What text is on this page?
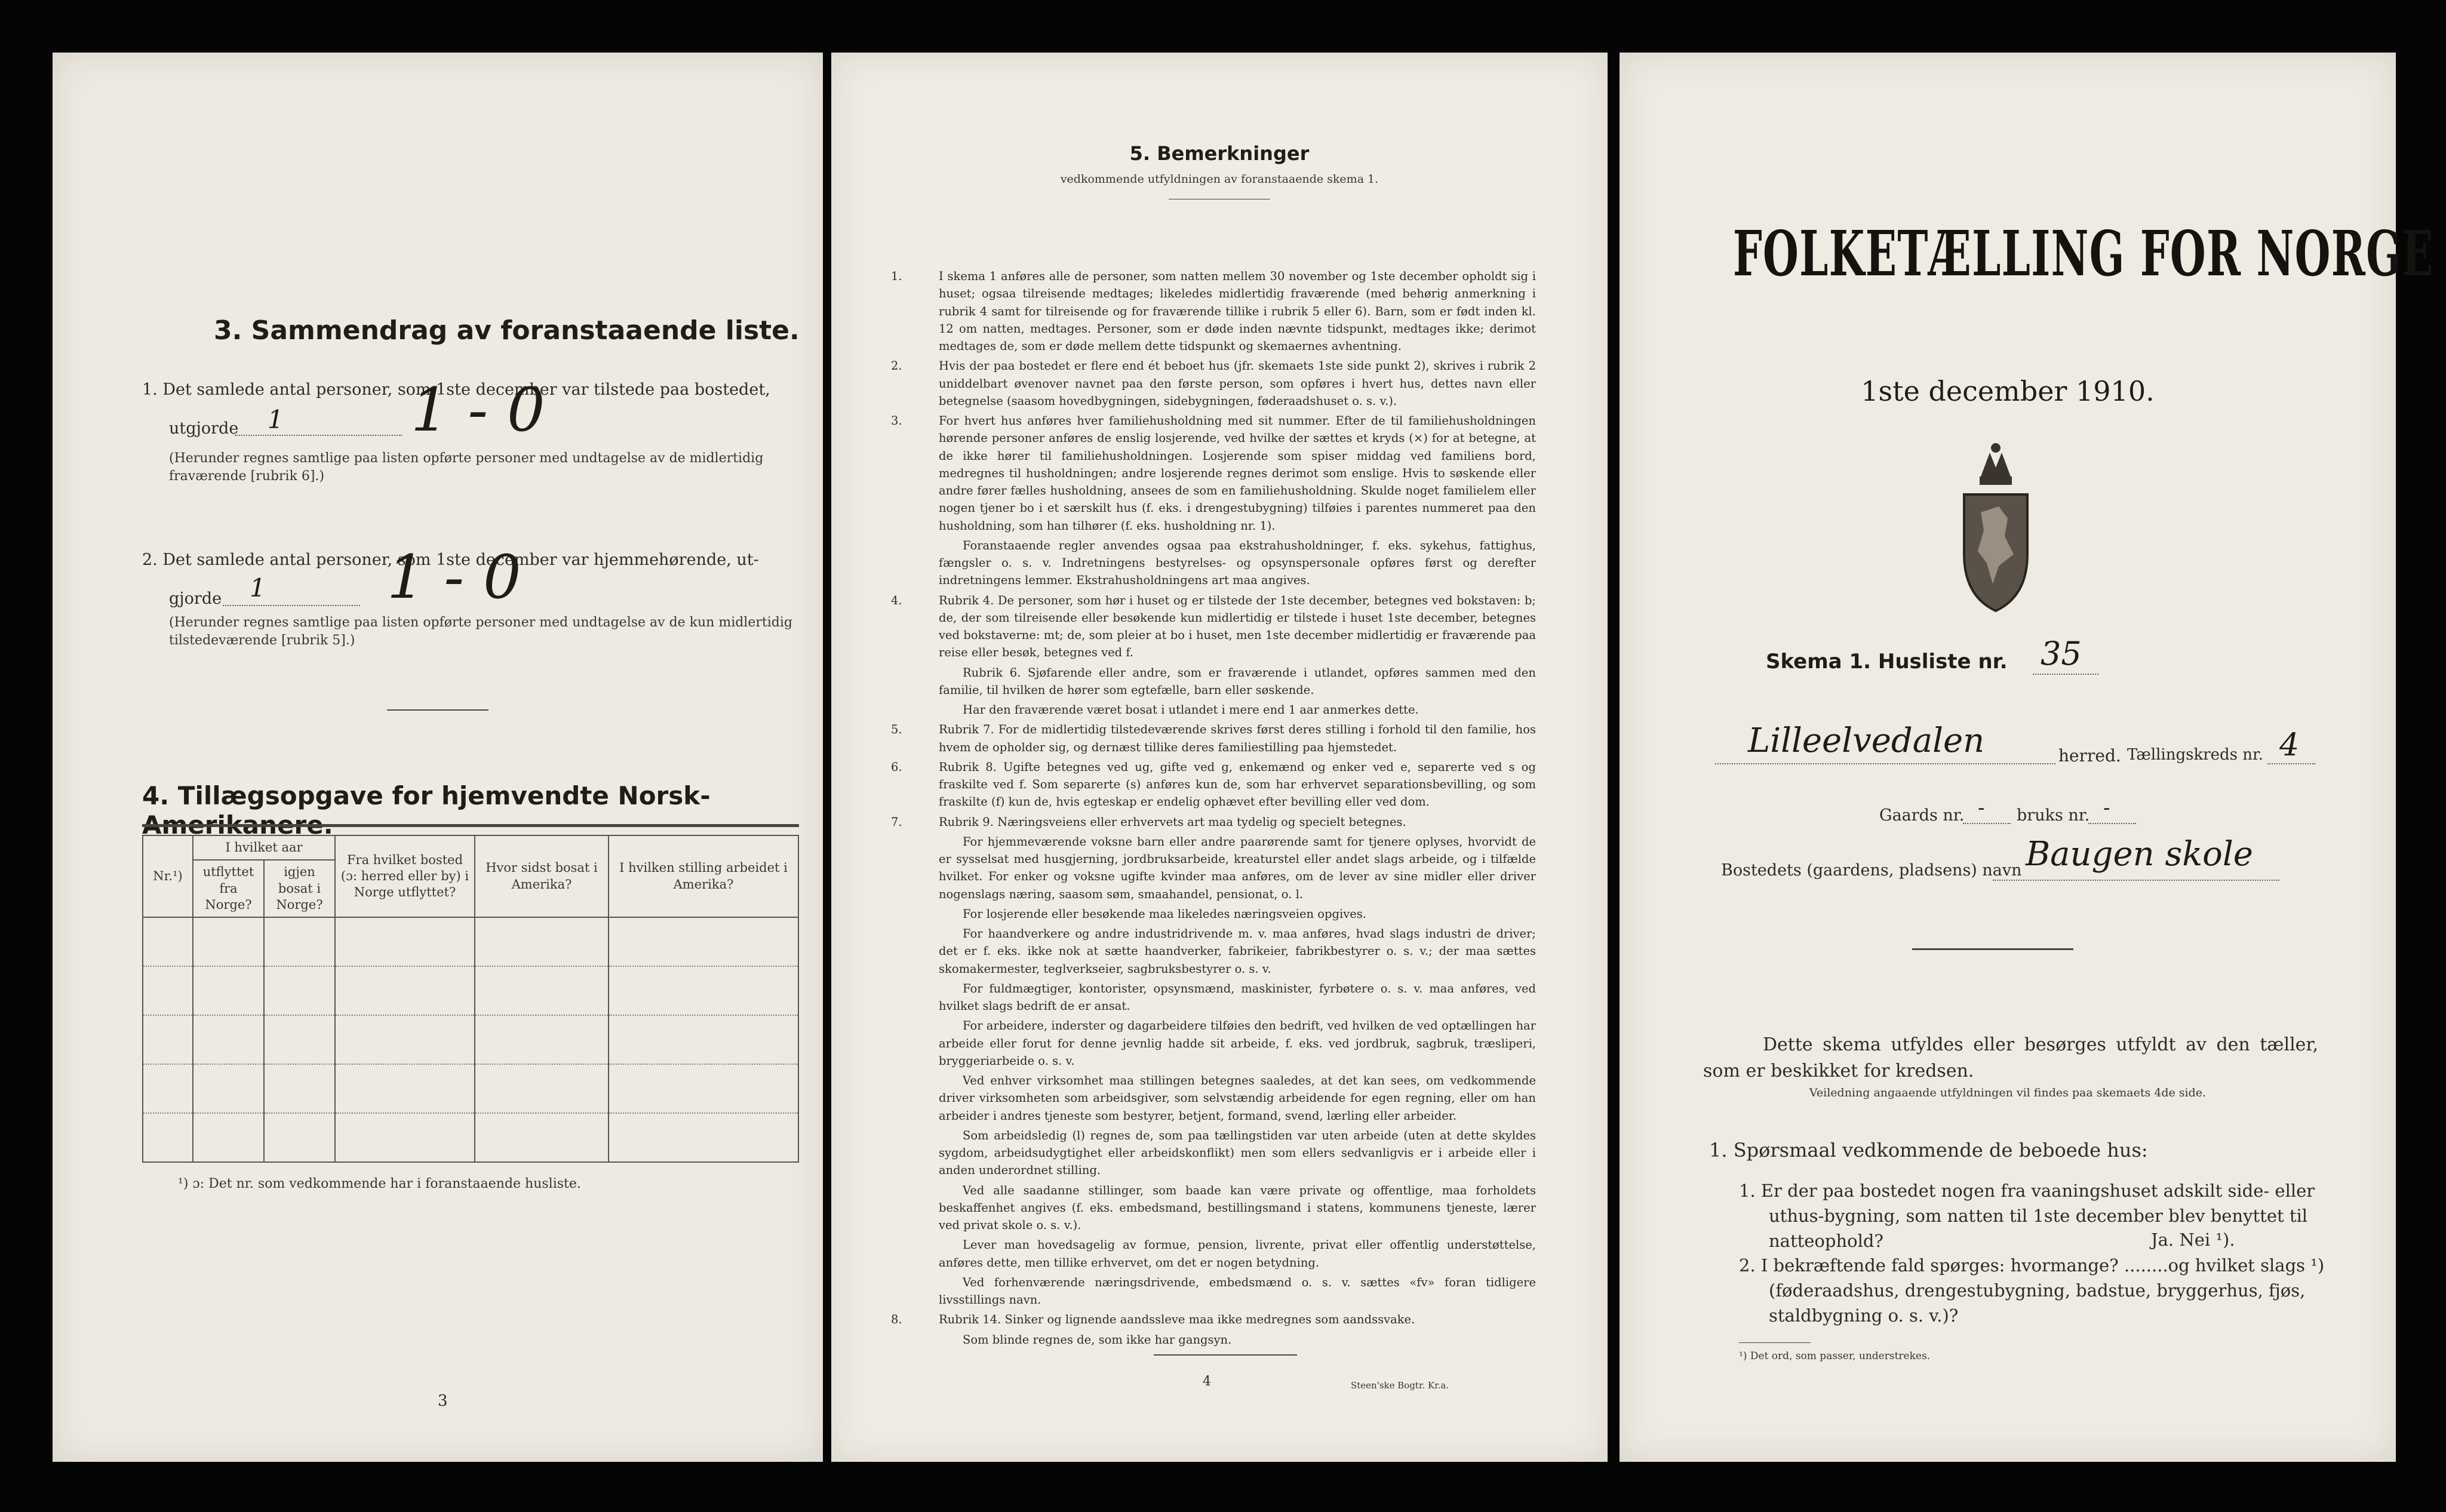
3. Sammendrag av foranstaaende liste.
1. Det samlede antal personer, som 1ste december var tilstede paa bostedet,
utgjorde 1 1 - 0
(Herunder regnes samtlige paa listen opførte personer med undtagelse av de midlertidig fraværende [rubrik 6].)
2. Det samlede antal personer, som 1ste december var hjemmehørende, ut-
gjorde 1 1 - 0
(Herunder regnes samtlige paa listen opførte personer med undtagelse av de kun midlertidig tilstedeværende [rubrik 5].)
4. Tillægsopgave for hjemvendte Norsk-Amerikanere.
Nr.¹)	I hvilket aar		Fra hvilket bosted (ɔ: herred eller by) i Norge utflyttet?	Hvor sidst bosat i Amerika?	I hvilken stilling arbeidet i Amerika?
	utflyttet fra Norge?	igjen bosat i Norge?			

¹) ɔ: Det nr. som vedkommende har i foranstaaende husliste.
3
5. Bemerkninger
vedkommende utfyldningen av foranstaaende skema 1.

1.	I skema 1 anføres alle de personer, som natten mellem 30 november og 1ste december opholdt sig i huset; ogsaa tilreisende medtages; likeledes midlertidig fraværende (med behørig anmerkning i rubrik 4 samt for tilreisende og for fraværende tillike i rubrik 5 eller 6). Barn, som er født inden kl. 12 om natten, medtages. Personer, som er døde inden nævnte tidspunkt, medtages ikke; derimot medtages de, som er døde mellem dette tidspunkt og skemaernes avhentning.

2.	Hvis der paa bostedet er flere end ét beboet hus (jfr. skemaets 1ste side punkt 2), skrives i rubrik 2 uniddelbart øvenover navnet paa den første person, som opføres i hvert hus, dettes navn eller betegnelse (saasom hovedbygningen, sidebygningen, føderaadshuset o. s. v.).

3.	For hvert hus anføres hver familiehusholdning med sit nummer. Efter de til familiehusholdningen hørende personer anføres de enslig losjerende, ved hvilke der sættes et kryds (×) for at betegne, at de ikke hører til familiehusholdningen. Losjerende som spiser middag ved familiens bord, medregnes til husholdningen; andre losjerende regnes derimot som enslige. Hvis to søskende eller andre fører fælles husholdning, ansees de som en familiehusholdning. Skulde noget familielem eller nogen tjener bo i et særskilt hus (f. eks. i drengestubygning) tilføies i parentes nummeret paa den husholdning, som han tilhører (f. eks. husholdning nr. 1).

Foranstaaende regler anvendes ogsaa paa ekstrahusholdninger, f. eks. sykehus, fattighus, fængsler o. s. v. Indretningens bestyrelses- og opsynspersonale opføres først og derefter indretningens lemmer. Ekstrahusholdningens art maa angives.

4.	Rubrik 4. De personer, som hør i huset og er tilstede der 1ste december, betegnes ved bokstaven: b; de, der som tilreisende eller besøkende kun midlertidig er tilstede i huset 1ste december, betegnes ved bokstaverne: mt; de, som pleier at bo i huset, men 1ste december midlertidig er fraværende paa reise eller besøk, betegnes ved f.

Rubrik 6. Sjøfarende eller andre, som er fraværende i utlandet, opføres sammen med den familie, til hvilken de hører som egtefælle, barn eller søskende.

Har den fraværende været bosat i utlandet i mere end 1 aar anmerkes dette.

5.	Rubrik 7. For de midlertidig tilstedeværende skrives først deres stilling i forhold til den familie, hos hvem de opholder sig, og dernæst tillike deres familiestilling paa hjemstedet.

6.	Rubrik 8. Ugifte betegnes ved ug, gifte ved g, enkemænd og enker ved e, separerte ved s og fraskilte ved f. Som separerte (s) anføres kun de, som har erhvervet separationsbevilling, og som fraskilte (f) kun de, hvis egteskap er endelig ophævet efter bevilling eller ved dom.

7.	Rubrik 9. Næringsveiens eller erhvervets art maa tydelig og specielt betegnes.

For hjemmeværende voksne barn eller andre paarørende samt for tjenere oplyses, hvorvidt de er sysselsat med husgjerning, jordbruksarbeide, kreaturstel eller andet slags arbeide, og i tilfælde hvilket. For enker og voksne ugifte kvinder maa anføres, om de lever av sine midler eller driver nogenslags næring, saasom søm, smaahandel, pensionat, o. l.

For losjerende eller besøkende maa likeledes næringsveien opgives.

For haandverkere og andre industridrivende m. v. maa anføres, hvad slags industri de driver; det er f. eks. ikke nok at sætte haandverker, fabrikeier, fabrikbestyrer o. s. v.; der maa sættes skomakermester, teglverkseier, sagbruksbestyrer o. s. v.

For fuldmægtiger, kontorister, opsynsmænd, maskinister, fyrbøtere o. s. v. maa anføres, ved hvilket slags bedrift de er ansat.

For arbeidere, inderster og dagarbeidere tilføies den bedrift, ved hvilken de ved optællingen har arbeide eller forut for denne jevnlig hadde sit arbeide, f. eks. ved jordbruk, sagbruk, træsliperi, bryggeriarbeide o. s. v.

Ved enhver virksomhet maa stillingen betegnes saaledes, at det kan sees, om vedkommende driver virksomheten som arbeidsgiver, som selvstændig arbeidende for egen regning, eller om han arbeider i andres tjeneste som bestyrer, betjent, formand, svend, lærling eller arbeider.

Som arbeidsledig (l) regnes de, som paa tællingstiden var uten arbeide (uten at dette skyldes sygdom, arbeidsudygtighet eller arbeidskonflikt) men som ellers sedvanligvis er i arbeide eller i anden underordnet stilling.

Ved alle saadanne stillinger, som baade kan være private og offentlige, maa forholdets beskaffenhet angives (f. eks. embedsmand, bestillingsmand i statens, kommunens tjeneste, lærer ved privat skole o. s. v.).

Lever man hovedsagelig av formue, pension, livrente, privat eller offentlig understøttelse, anføres dette, men tillike erhvervet, om det er nogen betydning.

Ved forhenværende næringsdrivende, embedsmænd o. s. v. sættes «fv» foran tidligere livsstillings navn.

8.	Rubrik 14. Sinker og lignende aandssleve maa ikke medregnes som aandssvake.

Som blinde regnes de, som ikke har gangsyn.

4	Steen'ske Bogtr. Kr.a.
FOLKETÆLLING FOR NORGE
1ste december 1910.
Skema 1. Husliste nr. 35
Lilleelvedalen	herred. Tællingskreds nr. 4
Gaards nr. - bruks nr. -
Bostedets (gaardens, pladsens) navn Baugen skole
Dette skema utfyldes eller besørges utfyldt av den tæller, som er beskikket for kredsen.
Veiledning angaaende utfyldningen vil findes paa skemaets 4de side.
1. Spørsmaal vedkommende de beboede hus:
1. Er der paa bostedet nogen fra vaaningshuset adskilt side- eller uthus-bygning, som natten til 1ste december blev benyttet til natteophold?	Ja. Nei ¹).
2. I bekræftende fald spørges: hvormange? ........og hvilket slags ¹) (føderaadshus, drengestubygning, badstue, bryggerhus, fjøs, staldbygning o. s. v.)?
¹) Det ord, som passer, understrekes.
